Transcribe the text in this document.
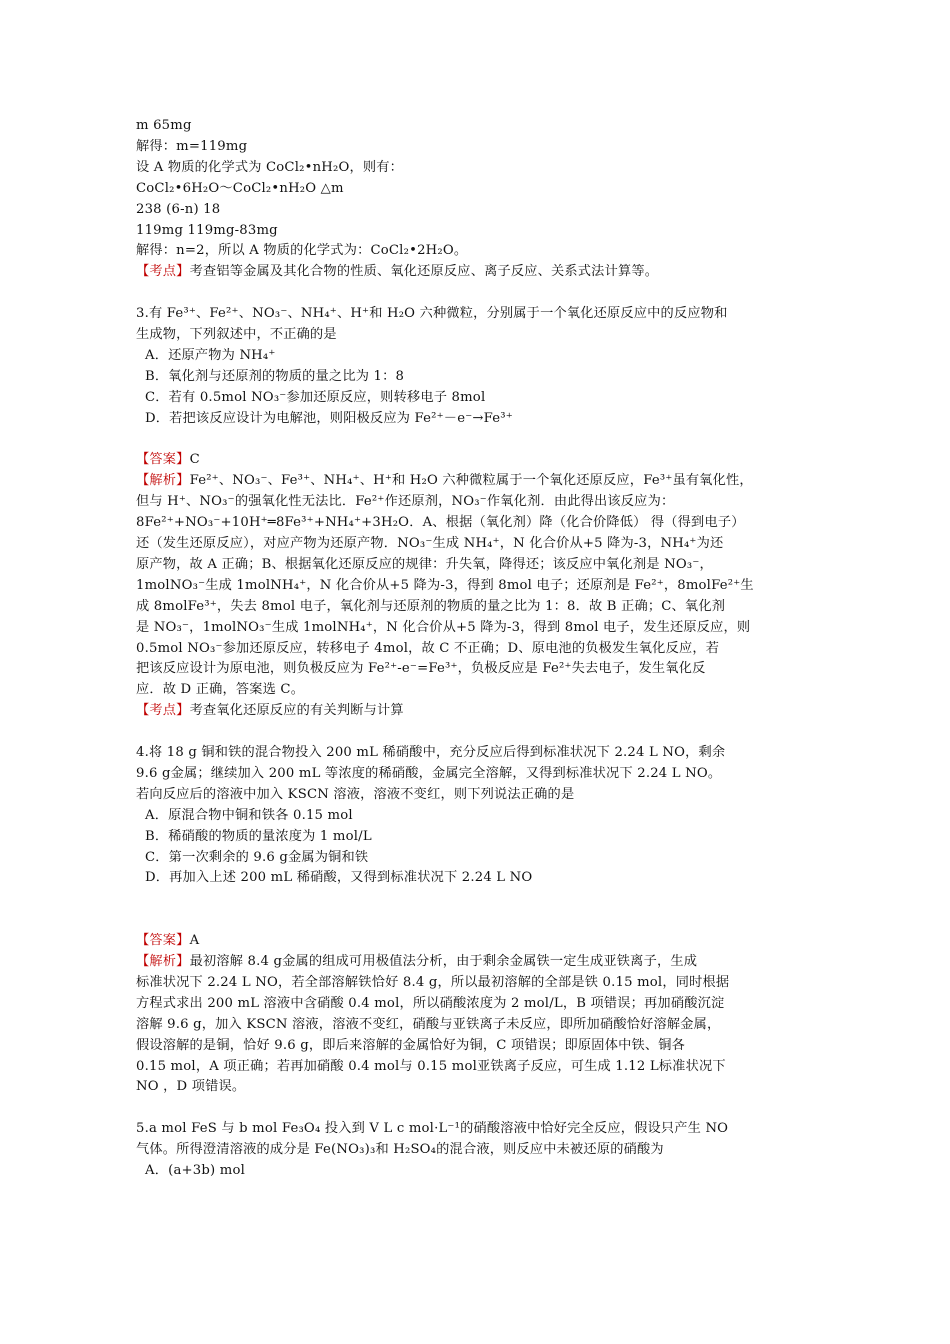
m 65mg
解得：m=119mg
设 A 物质的化学式为 CoCl₂•nH₂O，则有：
CoCl₂•6H₂O～CoCl₂•nH₂O △m
238 (6-n) 18
119mg 119mg-83mg
解得：n=2，所以 A 物质的化学式为：CoCl₂•2H₂O。
【考点】考查铝等金属及其化合物的性质、氧化还原反应、离子反应、关系式法计算等。
3.有 Fe³⁺、Fe²⁺、NO₃⁻、NH₄⁺、H⁺和 H₂O 六种微粒，分别属于一个氧化还原反应中的反应物和
生成物，下列叙述中，不正确的是
A．还原产物为 NH₄⁺
B．氧化剂与还原剂的物质的量之比为 1：8
C．若有 0.5mol NO₃⁻参加还原反应，则转移电子 8mol
D．若把该反应设计为电解池，则阳极反应为 Fe²⁺－e⁻→Fe³⁺
【答案】C
【解析】Fe²⁺、NO₃⁻、Fe³⁺、NH₄⁺、H⁺和 H₂O 六种微粒属于一个氧化还原反应，Fe³⁺虽有氧化性，
但与 H⁺、NO₃⁻的强氧化性无法比．Fe²⁺作还原剂，NO₃⁻作氧化剂．由此得出该反应为：
8Fe²⁺+NO₃⁻+10H⁺═8Fe³⁺+NH₄⁺+3H₂O．A、根据（氧化剂）降（化合价降低） 得（得到电子）
还（发生还原反应），对应产物为还原产物．NO₃⁻生成 NH₄⁺，N 化合价从+5 降为-3，NH₄⁺为还
原产物，故 A 正确；B、根据氧化还原反应的规律：升失氧，降得还；该反应中氧化剂是 NO₃⁻，
1molNO₃⁻生成 1molNH₄⁺，N 化合价从+5 降为-3，得到 8mol 电子；还原剂是 Fe²⁺，8molFe²⁺生
成 8molFe³⁺，失去 8mol 电子，氧化剂与还原剂的物质的量之比为 1：8．故 B 正确；C、氧化剂
是 NO₃⁻，1molNO₃⁻生成 1molNH₄⁺，N 化合价从+5 降为-3，得到 8mol 电子，发生还原反应，则
0.5mol NO₃⁻参加还原反应，转移电子 4mol，故 C 不正确；D、原电池的负极发生氧化反应，若
把该反应设计为原电池，则负极反应为 Fe²⁺-e⁻=Fe³⁺，负极反应是 Fe²⁺失去电子，发生氧化反
应．故 D 正确，答案选 C。
【考点】考查氧化还原反应的有关判断与计算
4.将 18 g 铜和铁的混合物投入 200 mL 稀硝酸中，充分反应后得到标准状况下 2.24 L NO，剩余
9.6 g金属；继续加入 200 mL 等浓度的稀硝酸，金属完全溶解，又得到标准状况下 2.24 L NO。
若向反应后的溶液中加入 KSCN 溶液，溶液不变红，则下列说法正确的是
A．原混合物中铜和铁各 0.15 mol
B．稀硝酸的物质的量浓度为 1 mol/L
C．第一次剩余的 9.6 g金属为铜和铁
D．再加入上述 200 mL 稀硝酸，又得到标准状况下 2.24 L NO
【答案】A
【解析】最初溶解 8.4 g金属的组成可用极值法分析，由于剩余金属铁一定生成亚铁离子，生成
标准状况下 2.24 L NO，若全部溶解铁恰好 8.4 g，所以最初溶解的全部是铁 0.15 mol，同时根据
方程式求出 200 mL 溶液中含硝酸 0.4 mol，所以硝酸浓度为 2 mol/L，B 项错误；再加硝酸沉淀
溶解 9.6 g，加入 KSCN 溶液，溶液不变红，硝酸与亚铁离子未反应，即所加硝酸恰好溶解金属，
假设溶解的是铜，恰好 9.6 g，即后来溶解的金属恰好为铜，C 项错误；即原固体中铁、铜各
0.15 mol，A 项正确；若再加硝酸 0.4 mol与 0.15 mol亚铁离子反应，可生成 1.12 L标准状况下
NO ，D 项错误。
5.a mol FeS 与 b mol Fe₃O₄ 投入到 V L c mol·L⁻¹的硝酸溶液中恰好完全反应，假设只产生 NO
气体。所得澄清溶液的成分是 Fe(NO₃)₃和 H₂SO₄的混合液，则反应中未被还原的硝酸为
A．(a+3b) mol
